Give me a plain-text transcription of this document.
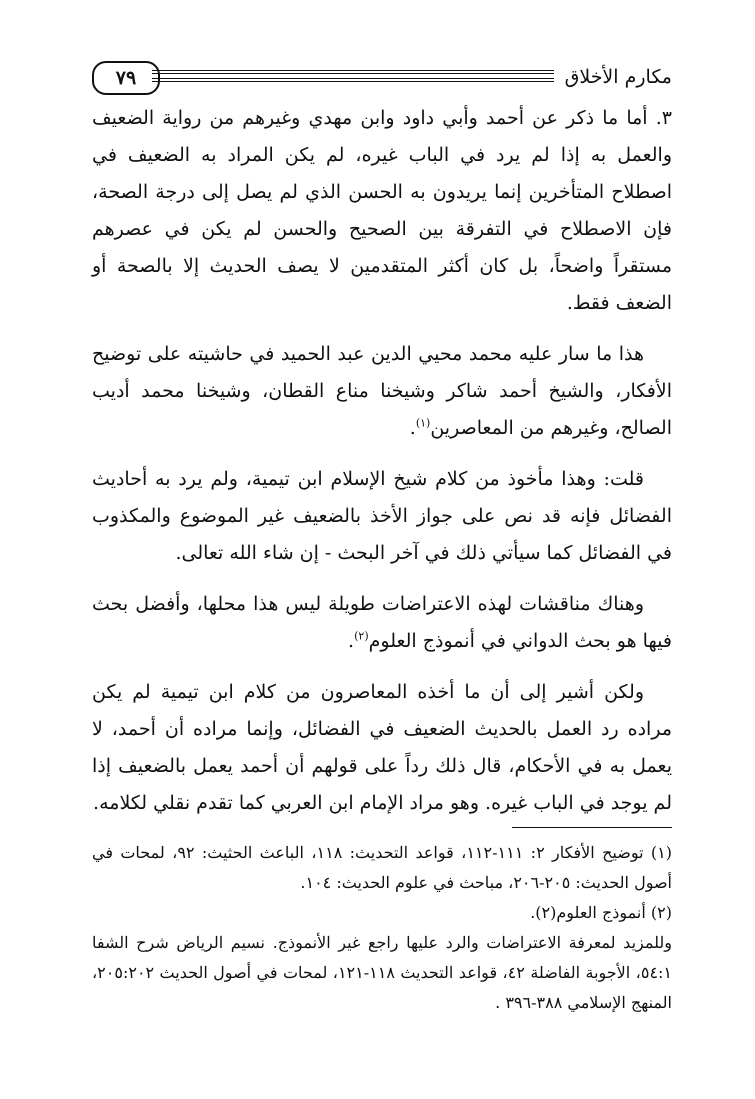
مكارم الأخلاق
٧٩

٣. أما ما ذكر عن أحمد وأبي داود وابن مهدي وغيرهم من رواية الضعيف والعمل به إذا لم يرد في الباب غيره، لم يكن المراد به الضعيف في اصطلاح المتأخرين إنما يريدون به الحسن الذي لم يصل إلى درجة الصحة، فإن الاصطلاح في التفرقة بين الصحيح والحسن لم يكن في عصرهم مستقراً واضحاً، بل كان أكثر المتقدمين لا يصف الحديث إلا بالصحة أو الضعف فقط.

هذا ما سار عليه محمد محيي الدين عبد الحميد في حاشيته على توضيح الأفكار، والشيخ أحمد شاكر وشيخنا مناع القطان، وشيخنا محمد أديب الصالح، وغيرهم من المعاصرين$^{(١)}$.

قلت: وهذا مأخوذ من كلام شيخ الإسلام ابن تيمية، ولم يرد به أحاديث الفضائل فإنه قد نص على جواز الأخذ بالضعيف غير الموضوع والمكذوب في الفضائل كما سيأتي ذلك في آخر البحث - إن شاء الله تعالى.

وهناك مناقشات لهذه الاعتراضات طويلة ليس هذا محلها، وأفضل بحث فيها هو بحث الدواني في أنموذج العلوم$^{(٢)}$.

ولكن أشير إلى أن ما أخذه المعاصرون من كلام ابن تيمية لم يكن مراده رد العمل بالحديث الضعيف في الفضائل، وإنما مراده أن أحمد، لا يعمل به في الأحكام، قال ذلك رداً على قولهم أن أحمد يعمل بالضعيف إذا لم يوجد في الباب غيره. وهو مراد الإمام ابن العربي كما تقدم نقلي لكلامه.

(١) توضيح الأفكار ٢: ١١١-١١٢، قواعد التحديث: ١١٨، الباعث الحثيث: ٩٢، لمحات في أصول الحديث: ٢٠٥-٢٠٦، مباحث في علوم الحديث: ١٠٤.

(٢) أنموذج العلوم(٢).

وللمزيد لمعرفة الاعتراضات والرد عليها راجع غير الأنموذج. نسيم الرياض شرح الشفا ٥٤:١، الأجوبة الفاضلة ٤٢، قواعد التحديث ١١٨-١٢١، لمحات في أصول الحديث ٢٠٥:٢٠٢، المنهج الإسلامي ٣٨٨-٣٩٦ .
